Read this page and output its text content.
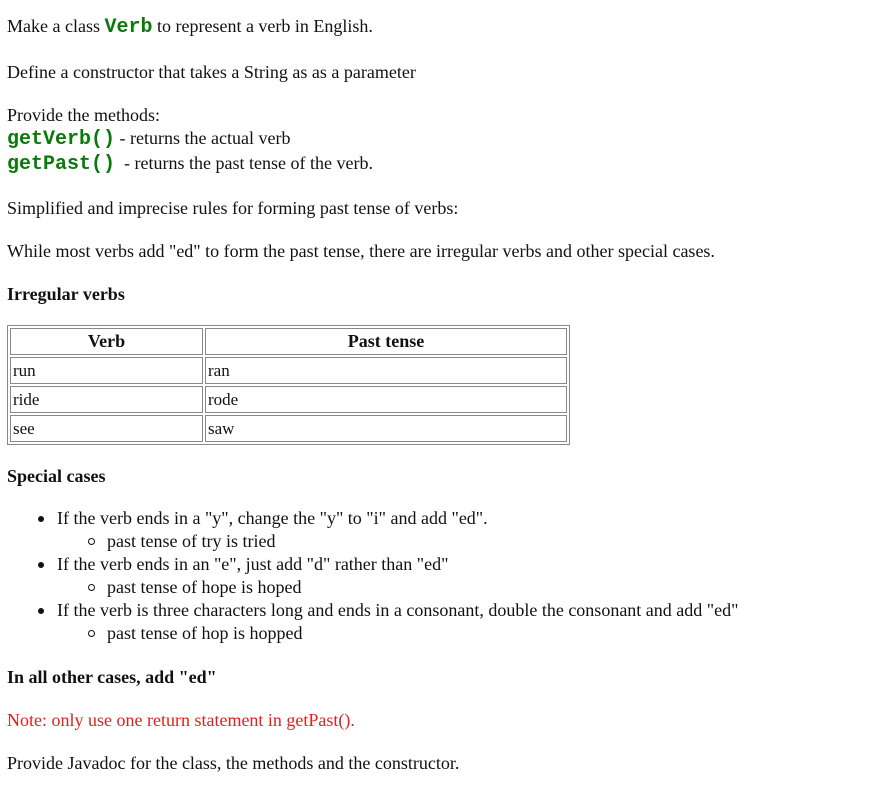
Make a class Verb to represent a verb in English.
Define a constructor that takes a String as as a parameter
Provide the methods:
getVerb() - returns the actual verb
getPast()  - returns the past tense of the verb.
Simplified and imprecise rules for forming past tense of verbs:
While most verbs add "ed" to form the past tense, there are irregular verbs and other special cases.
Irregular verbs
Verb	Past tense
run	ran
ride	rode
see	saw
Special cases
If the verb ends in a "y", change the "y" to "i" and add "ed".
past tense of try is tried
If the verb ends in an "e", just add "d" rather than "ed"
past tense of hope is hoped
If the verb is three characters long and ends in a consonant, double the consonant and add "ed"
past tense of hop is hopped
In all other cases, add "ed"
Note: only use one return statement in getPast().
Provide Javadoc for the class, the methods and the constructor.
